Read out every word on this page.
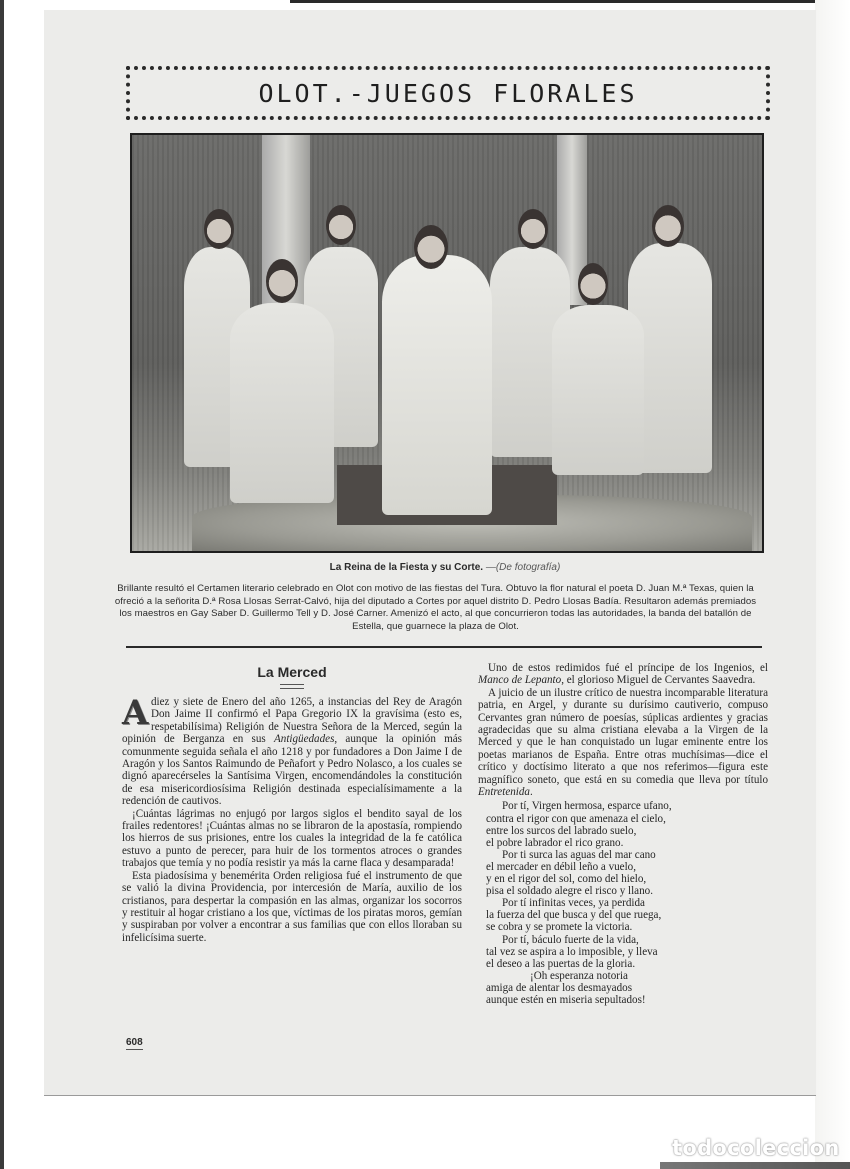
OLOT.-JUEGOS FLORALES
La Reina de la Fiesta y su Corte. —(De fotografía)

Brillante resultó el Certamen literario celebrado en Olot con motivo de las fiestas del Tura. Obtuvo la flor natural el poeta D. Juan M.ª Texas, quien la ofreció a la señorita D.ª Rosa Llosas Serrat-Calvó, hija del diputado a Cortes por aquel distrito D. Pedro Llosas Badía. Resultaron además premiados los maestros en Gay Saber D. Guillermo Tell y D. José Carner. Amenizó el acto, al que concurrieron todas las autoridades, la banda del batallón de Estella, que guarnece la plaza de Olot.

La Merced

A diez y siete de Enero del año 1265, a instancias del Rey de Aragón Don Jaime II confirmó el Papa Gregorio IX la gravísima (esto es, respetabilísima) Religión de Nuestra Señora de la Merced, según la opinión de Berganza en sus Antigüedades, aunque la opinión más comunmente seguida señala el año 1218 y por fundadores a Don Jaime I de Aragón y los Santos Raimundo de Peñafort y Pedro Nolasco, a los cuales se dignó aparecérseles la Santísima Virgen, encomendándoles la constitución de esa misericordiosísima Religión destinada especialísimamente a la redención de cautivos.

¡Cuántas lágrimas no enjugó por largos siglos el bendito sayal de los frailes redentores! ¡Cuántas almas no se libraron de la apostasía, rompiendo los hierros de sus prisiones, entre los cuales la integridad de la fe católica estuvo a punto de perecer, para huir de los tormentos atroces o grandes trabajos que temía y no podía resistir ya más la carne flaca y desamparada!

Esta piadosísima y benemérita Orden religiosa fué el instrumento de que se valió la divina Providencia, por intercesión de María, auxilio de los cristianos, para despertar la compasión en las almas, organizar los socorros y restituir al hogar cristiano a los que, víctimas de los piratas moros, gemían y suspiraban por volver a encontrar a sus familias que con ellos lloraban su infelicísima suerte.

Uno de estos redimidos fué el príncipe de los Ingenios, el Manco de Lepanto, el glorioso Miguel de Cervantes Saavedra.

A juicio de un ilustre crítico de nuestra incomparable literatura patria, en Argel, y durante su durísimo cautiverio, compuso Cervantes gran número de poesías, súplicas ardientes y gracias agradecidas que su alma cristiana elevaba a la Virgen de la Merced y que le han conquistado un lugar eminente entre los poetas marianos de España. Entre otras muchísimas—dice el crítico y doctísimo literato a que nos referimos—figura este magnífico soneto, que está en su comedia que lleva por título Entretenida.

Por tí, Virgen hermosa, esparce ufano,
contra el rigor con que amenaza el cielo,
entre los surcos del labrado suelo,
el pobre labrador el rico grano.
Por ti surca las aguas del mar cano
el mercader en débil leño a vuelo,
y en el rigor del sol, como del hielo,
pisa el soldado alegre el risco y llano.
Por tí infinitas veces, ya perdida
la fuerza del que busca y del que ruega,
se cobra y se promete la victoria.
Por tí, báculo fuerte de la vida,
tal vez se aspira a lo imposible, y lleva
el deseo a las puertas de la gloria.
¡Oh esperanza notoria
amiga de alentar los desmayados
aunque estén en miseria sepultados!
608
todocoleccion
